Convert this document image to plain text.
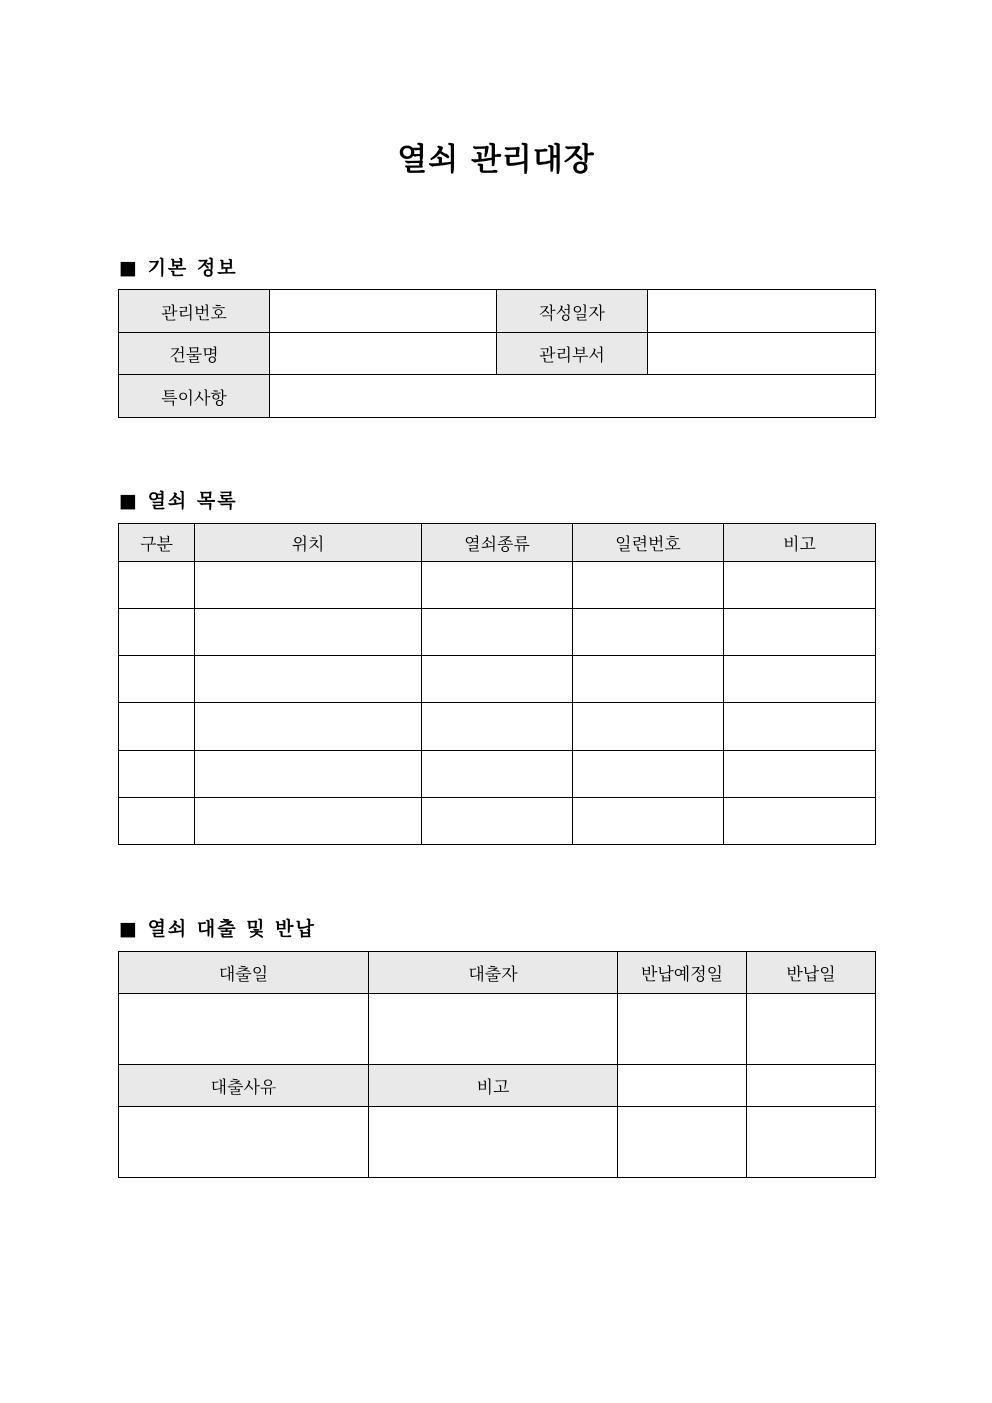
열쇠 관리대장
■ 기본 정보
관리번호		작성일자	
건물명		관리부서	
특이사항			
■ 열쇠 목록
구분	위치	열쇠종류	일련번호	비고

■ 열쇠 대출 및 반납
대출일	대출자	반납예정일	반납일

대출사유	비고		
